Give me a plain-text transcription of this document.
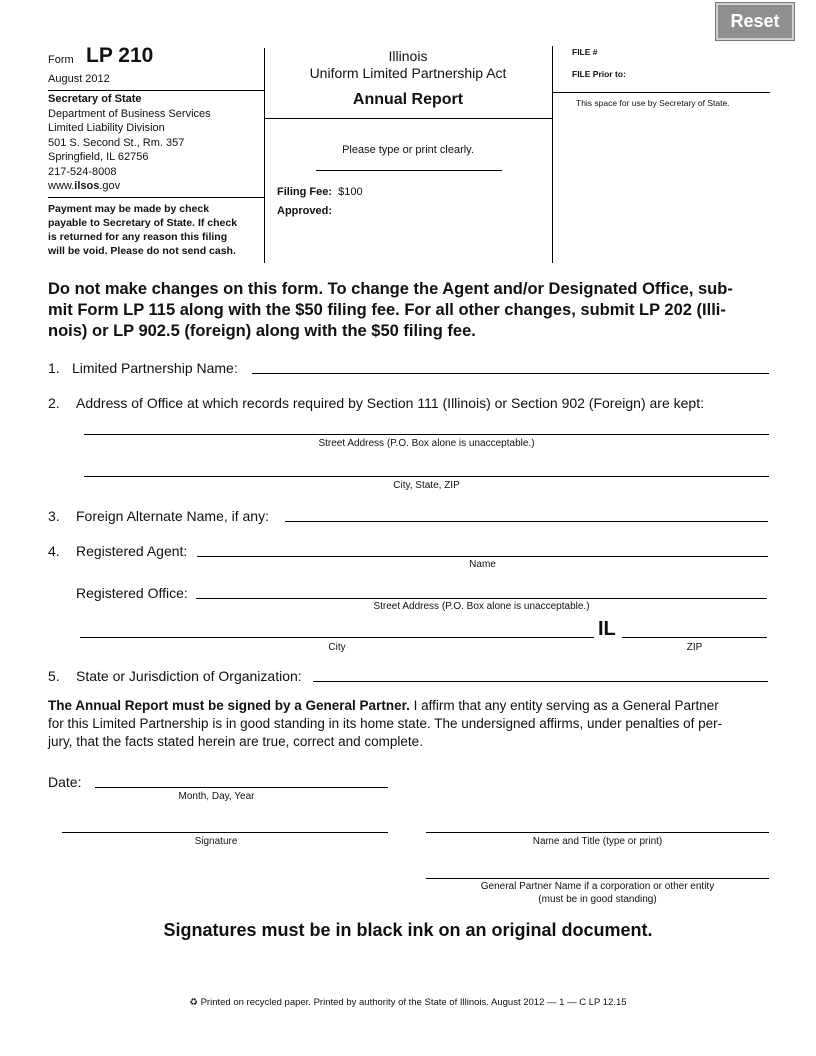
Reset
Form LP 210
August 2012
Secretary of State
Department of Business Services
Limited Liability Division
501 S. Second St., Rm. 357
Springfield, IL 62756
217-524-8008
www.ilsos.gov
Payment may be made by check
payable to Secretary of State. If check
is returned for any reason this filing
will be void. Please do not send cash.
Illinois
Uniform Limited Partnership Act
Annual Report
Please type or print clearly.
Filing Fee: $100
Approved:
FILE #
FILE Prior to:
This space for use by Secretary of State.
Do not make changes on this form. To change the Agent and/or Designated Office, sub-
mit Form LP 115 along with the $50 filing fee. For all other changes, submit LP 202 (Illi-
nois) or LP 902.5 (foreign) along with the $50 filing fee.
1. Limited Partnership Name:
2. Address of Office at which records required by Section 111 (Illinois) or Section 902 (Foreign) are kept:
Street Address (P.O. Box alone is unacceptable.)
City, State, ZIP
3. Foreign Alternate Name, if any:
4. Registered Agent:
Name
Registered Office:
Street Address (P.O. Box alone is unacceptable.)
IL
City	ZIP
5. State or Jurisdiction of Organization:
The Annual Report must be signed by a General Partner. I affirm that any entity serving as a General Partner
for this Limited Partnership is in good standing in its home state. The undersigned affirms, under penalties of per-
jury, that the facts stated herein are true, correct and complete.
Date:
Month, Day, Year
Signature	Name and Title (type or print)
General Partner Name if a corporation or other entity
(must be in good standing)
Signatures must be in black ink on an original document.
♻ Printed on recycled paper. Printed by authority of the State of Illinois. August 2012 — 1 — C LP 12.15
